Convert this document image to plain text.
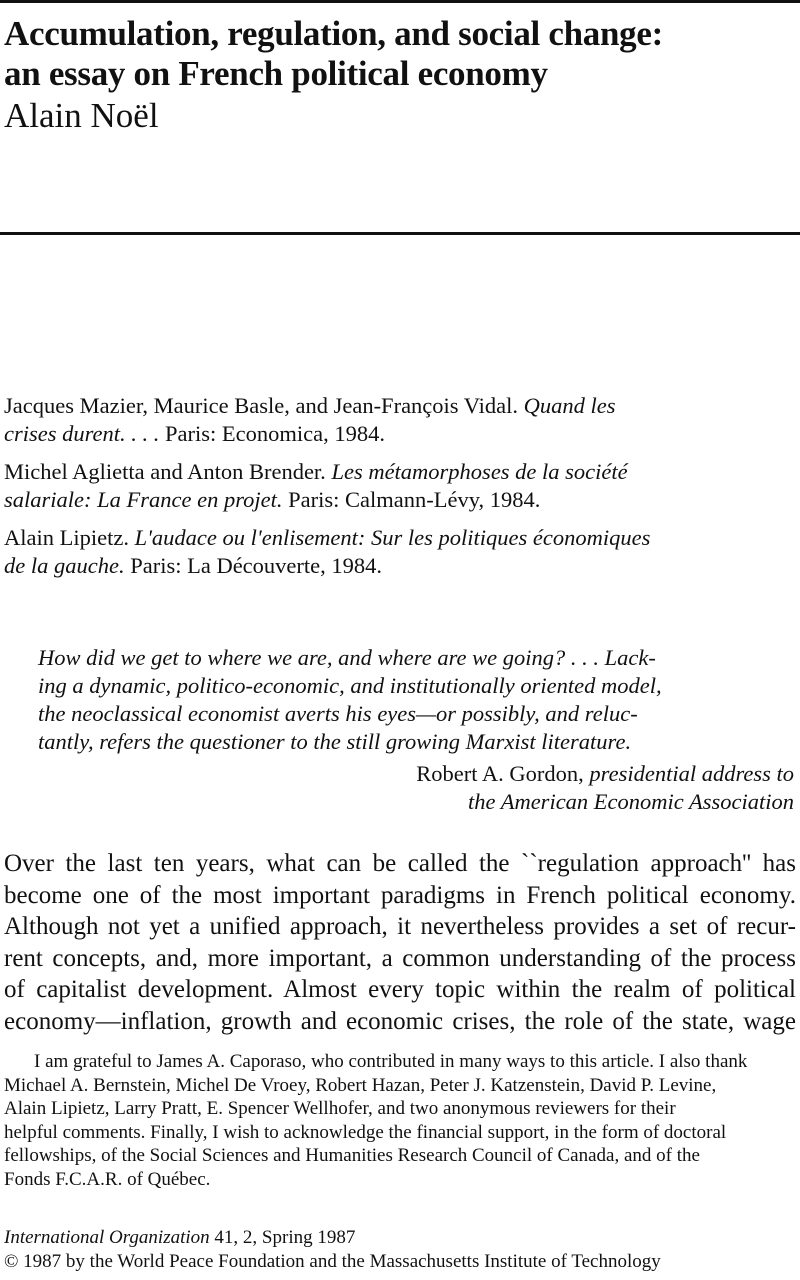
Accumulation, regulation, and social change:
an essay on French political economy
Alain Noël
Jacques Mazier, Maurice Basle, and Jean-François Vidal. Quand les
crises durent. . . . Paris: Economica, 1984.
Michel Aglietta and Anton Brender. Les métamorphoses de la société
salariale: La France en projet. Paris: Calmann-Lévy, 1984.
Alain Lipietz. L'audace ou l'enlisement: Sur les politiques économiques
de la gauche. Paris: La Découverte, 1984.
How did we get to where we are, and where are we going? . . . Lack-
ing a dynamic, politico-economic, and institutionally oriented model,
the neoclassical economist averts his eyes—or possibly, and reluc-
tantly, refers the questioner to the still growing Marxist literature.
Robert A. Gordon, presidential address to
the American Economic Association
Over the last ten years, what can be called the ``regulation approach'' has
become one of the most important paradigms in French political economy.
Although not yet a unified approach, it nevertheless provides a set of recur-
rent concepts, and, more important, a common understanding of the process
of capitalist development. Almost every topic within the realm of political
economy—inflation, growth and economic crises, the role of the state, wage
I am grateful to James A. Caporaso, who contributed in many ways to this article. I also thank
Michael A. Bernstein, Michel De Vroey, Robert Hazan, Peter J. Katzenstein, David P. Levine,
Alain Lipietz, Larry Pratt, E. Spencer Wellhofer, and two anonymous reviewers for their
helpful comments. Finally, I wish to acknowledge the financial support, in the form of doctoral
fellowships, of the Social Sciences and Humanities Research Council of Canada, and of the
Fonds F.C.A.R. of Québec.
International Organization 41, 2, Spring 1987
© 1987 by the World Peace Foundation and the Massachusetts Institute of Technology
